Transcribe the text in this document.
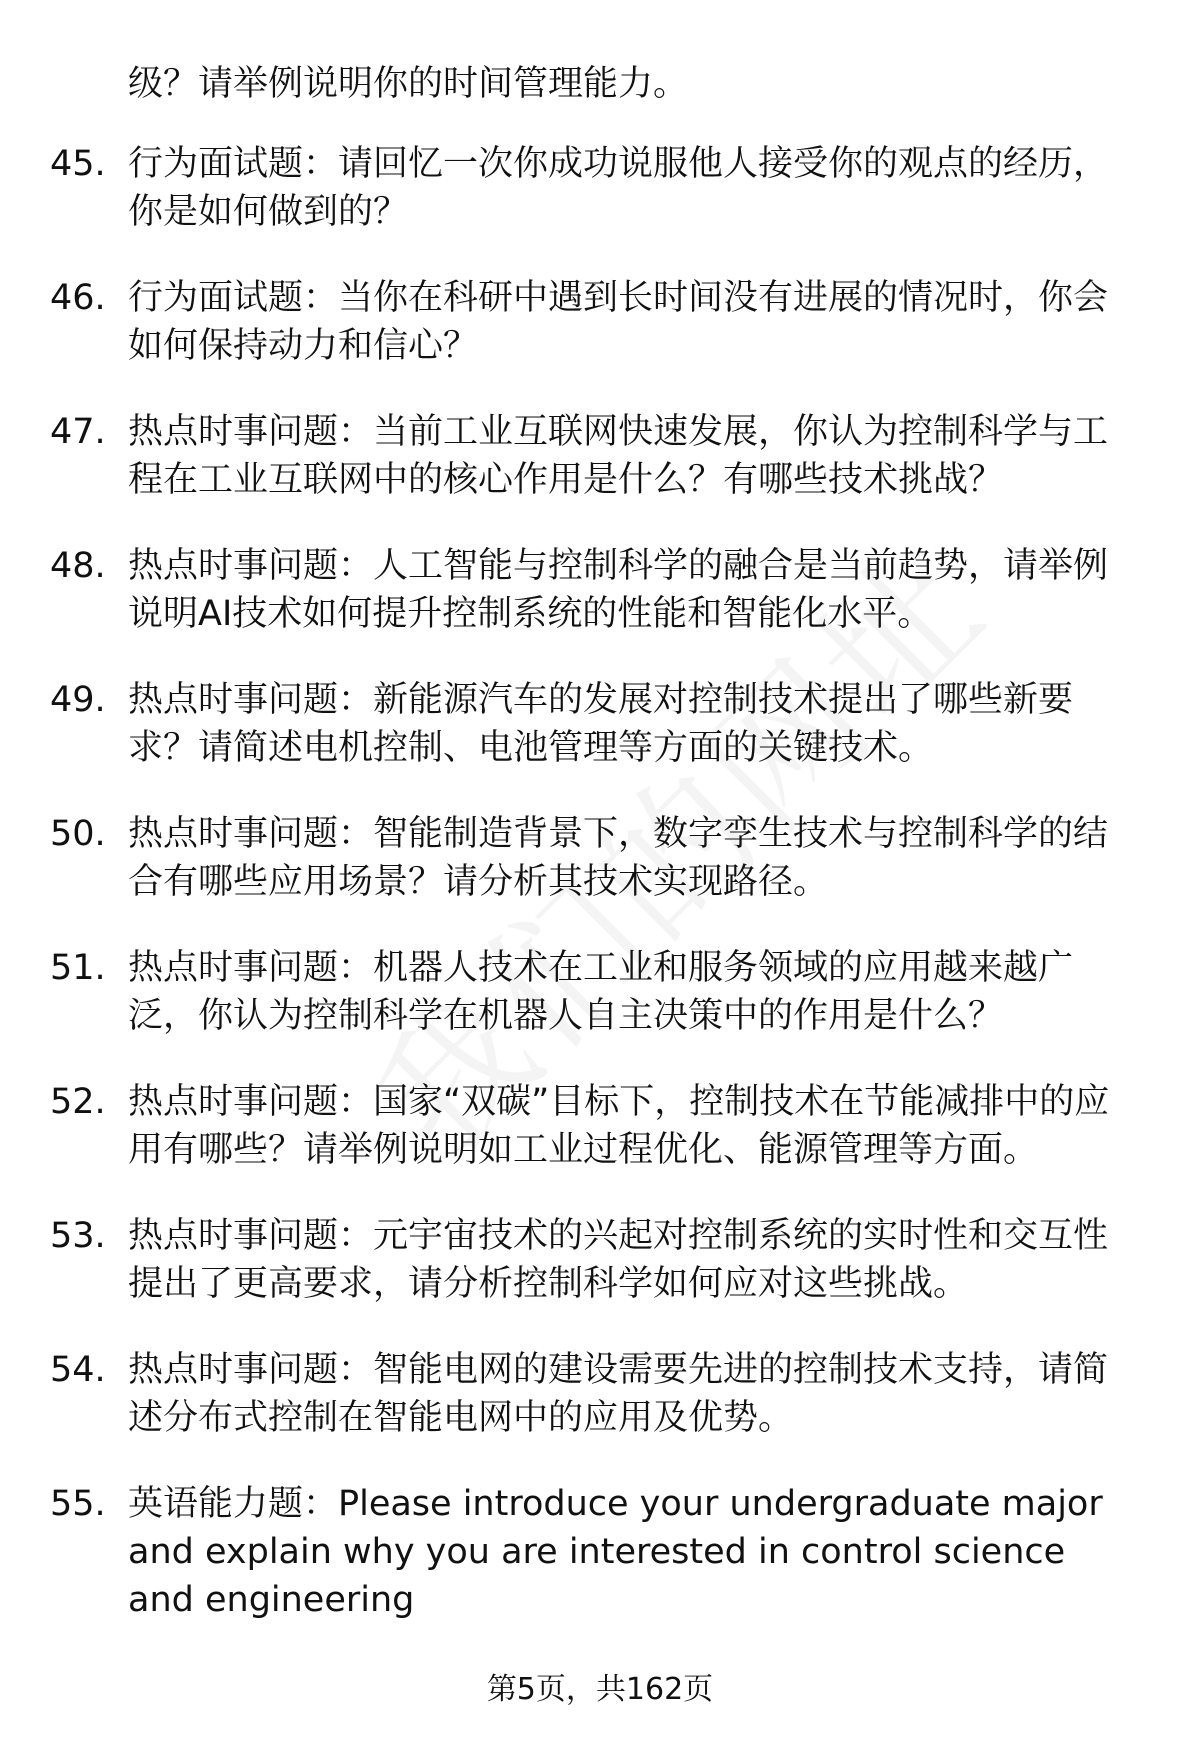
级？请举例说明你的时间管理能力。
45. 行为面试题：请回忆一次你成功说服他人接受你的观点的经历，你是如何做到的？
46. 行为面试题：当你在科研中遇到长时间没有进展的情况时，你会如何保持动力和信心？
47. 热点时事问题：当前工业互联网快速发展，你认为控制科学与工程在工业互联网中的核心作用是什么？有哪些技术挑战？
48. 热点时事问题：人工智能与控制科学的融合是当前趋势，请举例说明AI技术如何提升控制系统的性能和智能化水平。
49. 热点时事问题：新能源汽车的发展对控制技术提出了哪些新要求？请简述电机控制、电池管理等方面的关键技术。
50. 热点时事问题：智能制造背景下，数字孪生技术与控制科学的结合有哪些应用场景？请分析其技术实现路径。
51. 热点时事问题：机器人技术在工业和服务领域的应用越来越广泛，你认为控制科学在机器人自主决策中的作用是什么？
52. 热点时事问题：国家“双碳”目标下，控制技术在节能减排中的应用有哪些？请举例说明如工业过程优化、能源管理等方面。
53. 热点时事问题：元宇宙技术的兴起对控制系统的实时性和交互性提出了更高要求，请分析控制科学如何应对这些挑战。
54. 热点时事问题：智能电网的建设需要先进的控制技术支持，请简述分布式控制在智能电网中的应用及优势。
55. 英语能力题：Please introduce your undergraduate major and explain why you are interested in control science and engineering
第5页，共162页
